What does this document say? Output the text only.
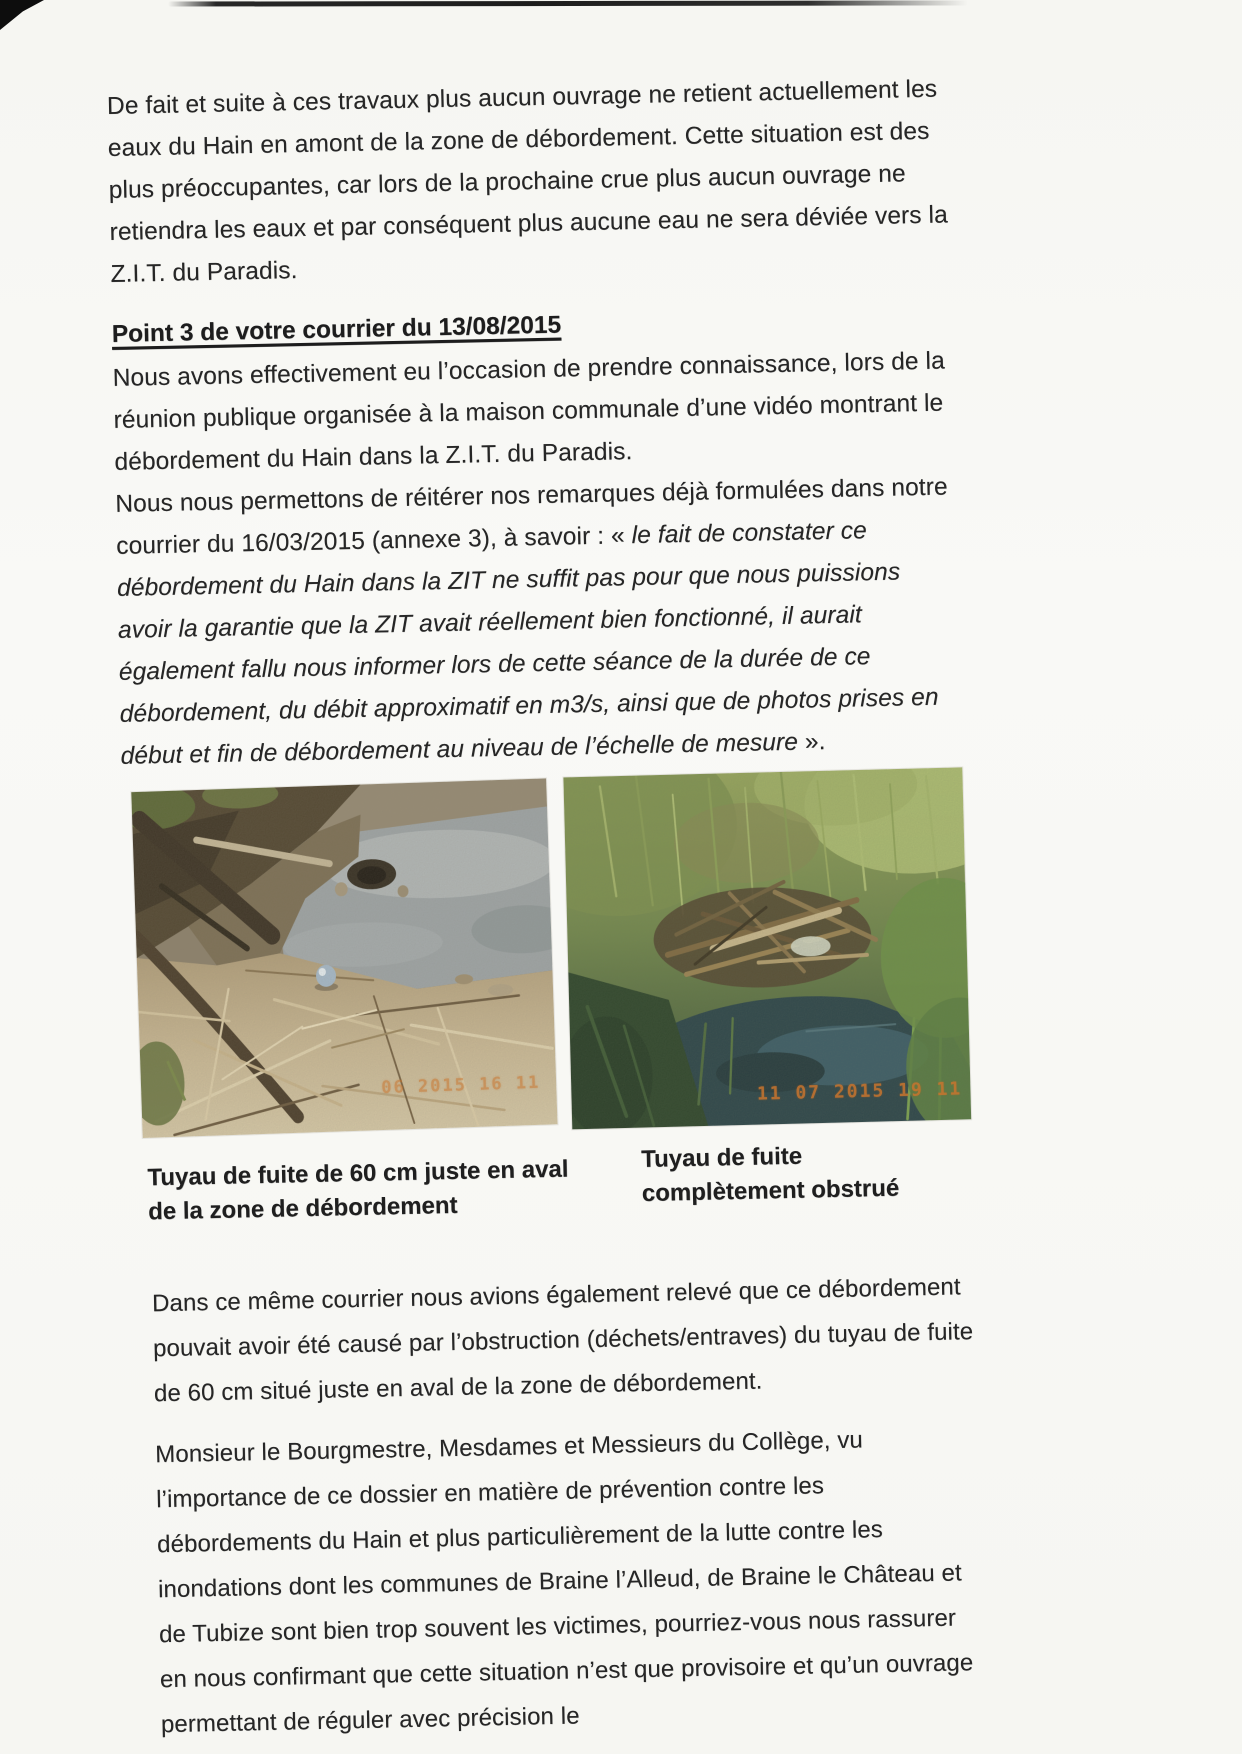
De fait et suite à ces travaux plus aucun ouvrage ne retient actuellement les eaux du Hain en amont de la zone de débordement. Cette situation est des plus préoccupantes, car lors de la prochaine crue plus aucun ouvrage ne retiendra les eaux et par conséquent plus aucune eau ne sera déviée vers la Z.I.T. du Paradis.

Point 3 de votre courrier du 13/08/2015

Nous avons effectivement eu l’occasion de prendre connaissance, lors de la réunion publique organisée à la maison communale d’une vidéo montrant le débordement du Hain dans la Z.I.T. du Paradis.

Nous nous permettons de réitérer nos remarques déjà formulées dans notre courrier du 16/03/2015 (annexe 3), à savoir : « le fait de constater ce débordement du Hain dans la ZIT ne suffit pas pour que nous puissions avoir la garantie que la ZIT avait réellement bien fonctionné, il aurait également fallu nous informer lors de cette séance de la durée de ce débordement, du débit approximatif en m3/s, ainsi que de photos prises en début et fin de débordement au niveau de l’échelle de mesure ».

06 2015 16 11	11 07 2015 19 11
Tuyau de fuite de 60 cm juste en aval
de la zone de débordement
Tuyau de fuite complètement obstrué

Dans ce même courrier nous avions également relevé que ce débordement pouvait avoir été causé par l’obstruction (déchets/entraves) du tuyau de fuite de 60 cm situé juste en aval de la zone de débordement.

Monsieur le Bourgmestre, Mesdames et Messieurs du Collège, vu l’importance de ce dossier en matière de prévention contre les débordements du Hain et plus particulièrement de la lutte contre les inondations dont les communes de Braine l’Alleud, de Braine le Château et de Tubize sont bien trop souvent les victimes, pourriez-vous nous rassurer en nous confirmant que cette situation n’est que provisoire et qu’un ouvrage permettant de réguler avec précision le
